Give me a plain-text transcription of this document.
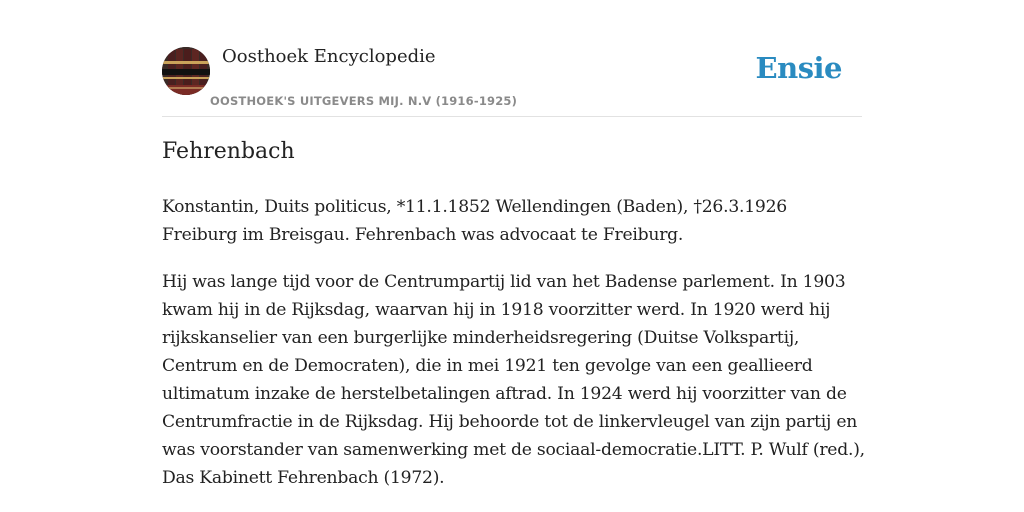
Oosthoek Encyclopedie
OOSTHOEK'S UITGEVERS MIJ. N.V (1916-1925)
Ensie
Fehrenbach

Konstantin, Duits politicus, *11.1.1852 Wellendingen (Baden), †26.3.1926 Freiburg im Breisgau. Fehrenbach was advocaat te Freiburg.

Hij was lange tijd voor de Centrumpartij lid van het Badense parlement. In 1903 kwam hij in de Rijksdag, waarvan hij in 1918 voorzitter werd. In 1920 werd hij rijkskanselier van een burgerlijke minderheidsregering (Duitse Volkspartij, Centrum en de Democraten), die in mei 1921 ten gevolge van een geallieerd ultimatum inzake de herstelbetalingen aftrad. In 1924 werd hij voorzitter van de Centrumfractie in de Rijksdag. Hij behoorde tot de linkervleugel van zijn partij en was voorstander van samenwerking met de sociaal-democratie.LITT. P. Wulf (red.), Das Kabinett Fehrenbach (1972).
